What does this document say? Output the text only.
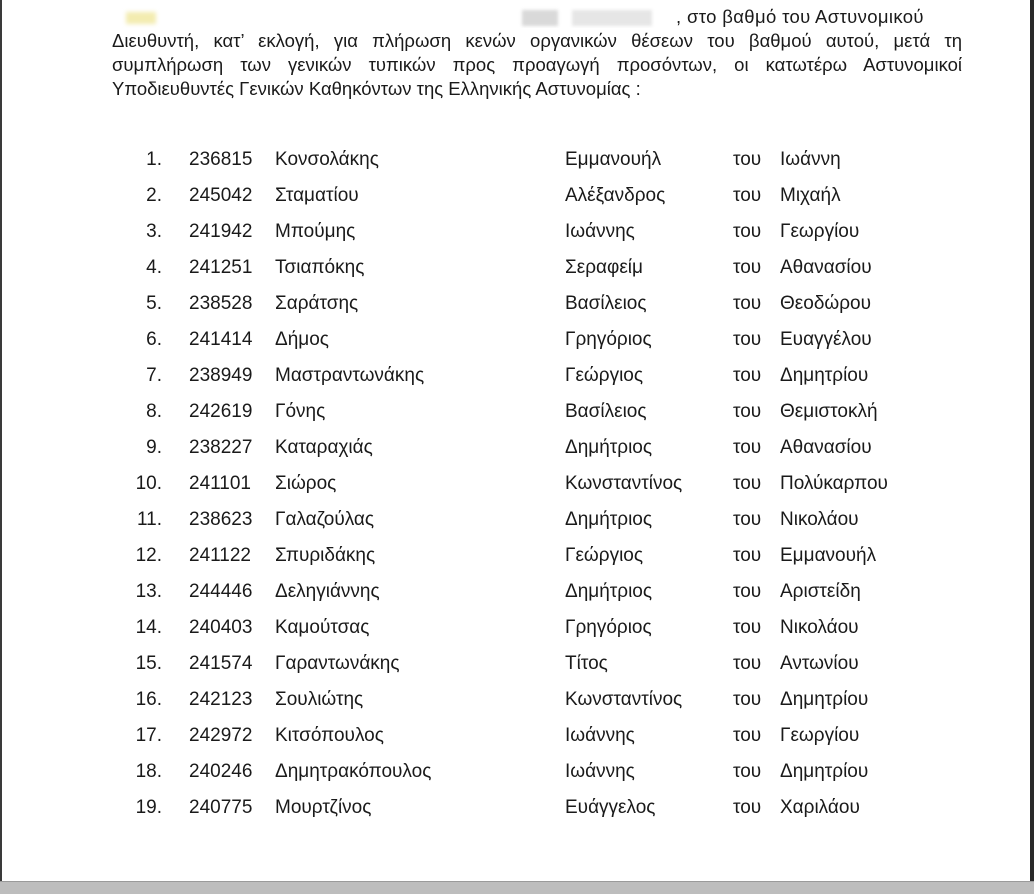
, στο βαθμό του Αστυνομικού
Διευθυντή, κατ’ εκλογή, για πλήρωση κενών οργανικών θέσεων του βαθμού αυτού, μετά τη
συμπλήρωση των γενικών τυπικών προς προαγωγή προσόντων, οι κατωτέρω Αστυνομικοί
Υποδιευθυντές Γενικών Καθηκόντων της Ελληνικής Αστυνομίας :
1. 236815 Κονσολάκης	Εμμανουήλ	του Ιωάννη
2. 245042 Σταματίου	Αλέξανδρος	του Μιχαήλ
3. 241942 Μπούμης	Ιωάννης	του Γεωργίου
4. 241251 Τσιαπόκης	Σεραφείμ	του Αθανασίου
5. 238528 Σαράτσης	Βασίλειος	του Θεοδώρου
6. 241414 Δήμος	Γρηγόριος	του Ευαγγέλου
7. 238949 Μαστραντωνάκης	Γεώργιος	του Δημητρίου
8. 242619 Γόνης	Βασίλειος	του Θεμιστοκλή
9. 238227 Καταραχιάς	Δημήτριος	του Αθανασίου
10. 241101 Σιώρος	Κωνσταντίνος	του Πολύκαρπου
11. 238623 Γαλαζούλας	Δημήτριος	του Νικολάου
12. 241122 Σπυριδάκης	Γεώργιος	του Εμμανουήλ
13. 244446 Δεληγιάννης	Δημήτριος	του Αριστείδη
14. 240403 Καμούτσας	Γρηγόριος	του Νικολάου
15. 241574 Γαραντωνάκης	Τίτος	του Αντωνίου
16. 242123 Σουλιώτης	Κωνσταντίνος	του Δημητρίου
17. 242972 Κιτσόπουλος	Ιωάννης	του Γεωργίου
18. 240246 Δημητρακόπουλος	Ιωάννης	του Δημητρίου
19. 240775 Μουρτζίνος	Ευάγγελος	του Χαριλάου
